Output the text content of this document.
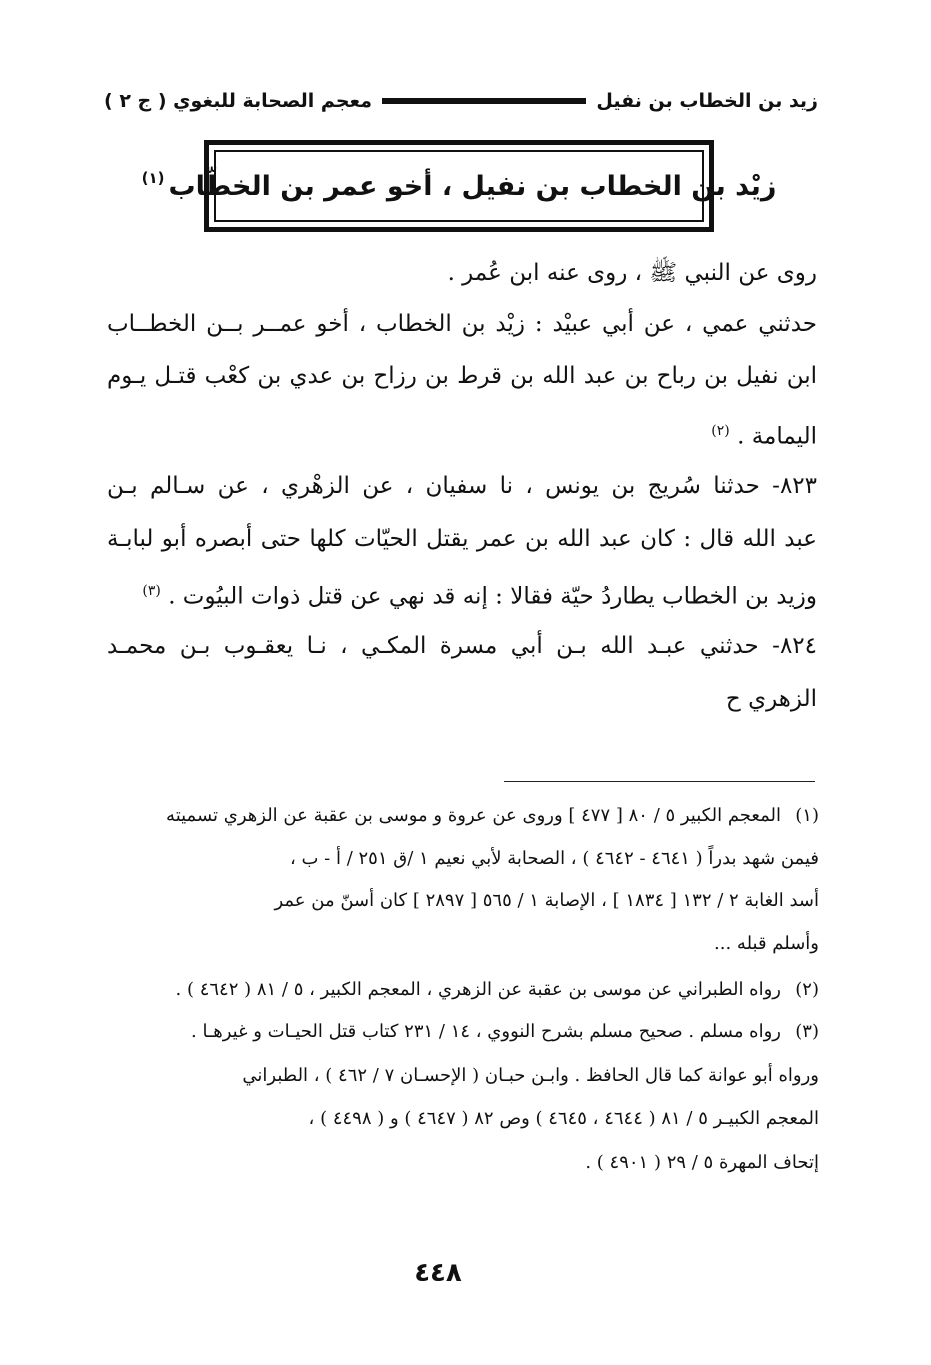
زيد بن الخطاب بن نفيل
معجم الصحابة للبغوي ( ج ٢ )
زيْد بن الخطاب بن نفيل ، أخو عمر بن الخطّاب
$^{(١)}$
روى عن النبي ﷺ ، روى عنه ابن عُمر .
حدثني عمي ، عن أبي عبيْد : زيْد بن الخطاب ، أخو عمــر بــن الخطــاب
ابن نفيل بن رباح بن عبد الله بن قرط بن رزاح بن عدي بن كعْب قتـل يـوم
اليمامة . $^{(٢)}$
٨٢٣- حدثنا سُريج بن يونس ، نا سفيان ، عن الزهْري ، عن سـالم بـن
عبد الله قال : كان عبد الله بن عمر يقتل الحيّات كلها حتى أبصره أبو لبابـة
وزيد بن الخطاب يطاردُ حيّة فقالا : إنه قد نهي عن قتل ذوات البيُوت . $^{(٣)}$
٨٢٤- حدثني عبـد الله بـن أبي مسرة المكـي ، نـا يعقـوب بـن محمـد
الزهري ح
(١)المعجم الكبير ٥ / ٨٠ [ ٤٧٧ ] وروى عن عروة و موسى بن عقبة عن الزهري تسميته
فيمن شهد بدراً ( ٤٦٤١ - ٤٦٤٢ ) ، الصحابة لأبي نعيم ١ /ق ٢٥١ / أ - ب ،
أسد الغابة ٢ / ١٣٢ [ ١٨٣٤ ] ، الإصابة ١ / ٥٦٥ [ ٢٨٩٧ ] كان أسنّ من عمر
وأسلم قبله ...
(٢)رواه الطبراني عن موسى بن عقبة عن الزهري ، المعجم الكبير ، ٥ / ٨١ ( ٤٦٤٢ ) .
(٣)رواه مسلم . صحيح مسلم بشرح النووي ، ١٤ / ٢٣١ كتاب قتل الحيـات و غيرهـا .
ورواه أبو عوانة كما قال الحافظ . وابـن حبـان ( الإحسـان ٧ / ٤٦٢ ) ، الطبراني
المعجم الكبيـر ٥ / ٨١ ( ٤٦٤٤ ، ٤٦٤٥ ) وص ٨٢ ( ٤٦٤٧ ) و ( ٤٤٩٨ ) ،
إتحاف المهرة ٥ / ٢٩ ( ٤٩٠١ ) .
٤٤٨
